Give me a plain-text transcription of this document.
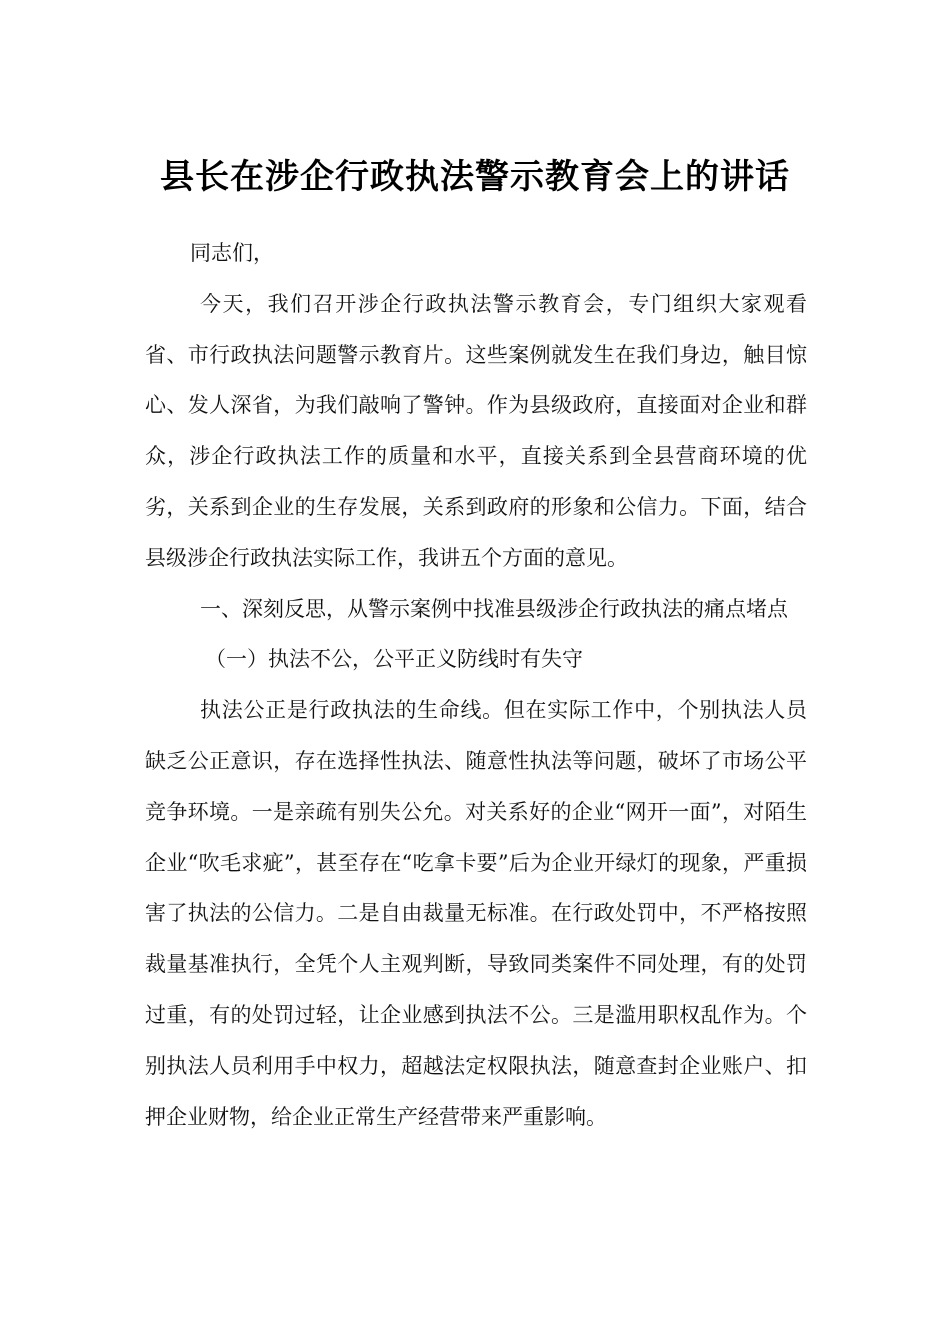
县长在涉企行政执法警示教育会上的讲话

同志们，

今天，我们召开涉企行政执法警示教育会，专门组织大家观看省、市行政执法问题警示教育片。这些案例就发生在我们身边，触目惊心、发人深省，为我们敲响了警钟。作为县级政府，直接面对企业和群众，涉企行政执法工作的质量和水平，直接关系到全县营商环境的优劣，关系到企业的生存发展，关系到政府的形象和公信力。下面，结合县级涉企行政执法实际工作，我讲五个方面的意见。

一、深刻反思，从警示案例中找准县级涉企行政执法的痛点堵点

（一）执法不公，公平正义防线时有失守

执法公正是行政执法的生命线。但在实际工作中，个别执法人员缺乏公正意识，存在选择性执法、随意性执法等问题，破坏了市场公平竞争环境。一是亲疏有别失公允。对关系好的企业“网开一面”，对陌生企业“吹毛求疵”，甚至存在“吃拿卡要”后为企业开绿灯的现象，严重损害了执法的公信力。二是自由裁量无标准。在行政处罚中，不严格按照裁量基准执行，全凭个人主观判断，导致同类案件不同处理，有的处罚过重，有的处罚过轻，让企业感到执法不公。三是滥用职权乱作为。个别执法人员利用手中权力，超越法定权限执法，随意查封企业账户、扣押企业财物，给企业正常生产经营带来严重影响。
